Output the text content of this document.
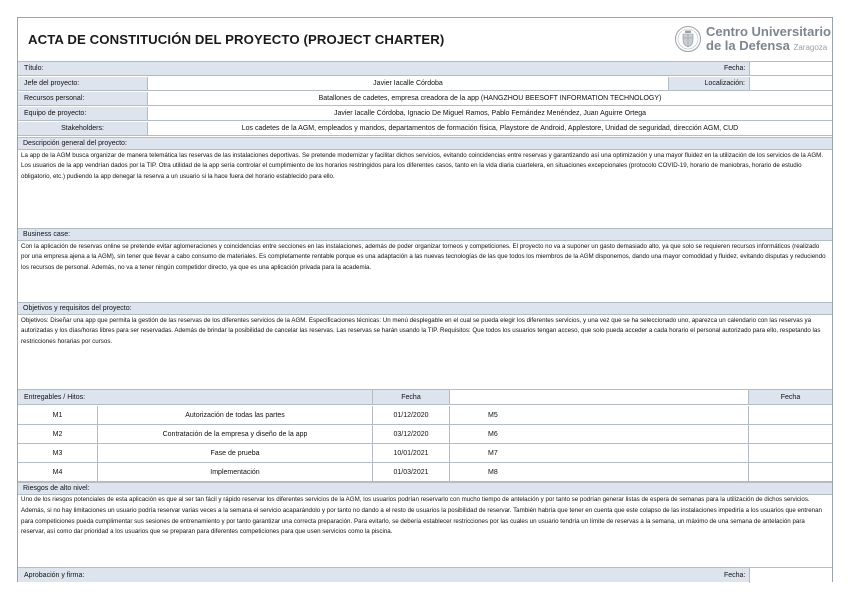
ACTA DE CONSTITUCIÓN DEL PROYECTO (PROJECT CHARTER)
Centro Universitario
de la Defensa Zaragoza
Título:	Fecha:
Jefe del proyecto:	Javier Iacalle Córdoba	Localización:
Recursos personal:	Batallones de cadetes, empresa creadora de la app (HANGZHOU BEESOFT INFORMATION TECHNOLOGY)
Equipo de proyecto:	Javier Iacalle Córdoba, Ignacio De Miguel Ramos, Pablo Fernández Menéndez, Juan Aguirre Ortega
Stakeholders:	Los cadetes de la AGM, empleados y mandos, departamentos de formación física, Playstore de Android, Applestore, Unidad de seguridad, dirección AGM, CUD
Descripción general del proyecto:
La app de la AGM busca organizar de manera telemática las reservas de las instalaciones deportivas. Se pretende modernizar y facilitar dichos servicios, evitando coincidencias entre reservas y garantizando así una optimización y una mayor fluidez en la utilización de los servicios de la AGM. Los usuarios de la app vendrían dados por la TIP. Otra utilidad de la app sería controlar el cumplimiento de los horarios restringidos para los diferentes casos, tanto en la vida diaria cuartelera, en situaciones excepcionales (protocolo COVID-19, horario de maniobras, horario de estudio obligatorio, etc.) pudiendo la app denegar la reserva a un usuario si la hace fuera del horario establecido para ello.
Business case:
Con la aplicación de reservas online se pretende evitar aglomeraciones y coincidencias entre secciones en las instalaciones, además de poder organizar torneos y competiciones. El proyecto no va a suponer un gasto demasiado alto, ya que solo se requieren recursos informáticos (realizado por una empresa ajena a la AGM), sin tener que llevar a cabo consumo de materiales. Es completamente rentable porque es una adaptación a las nuevas tecnologías de las que todos los miembros de la AGM disponemos, dando una mayor comodidad y fluidez, evitando disputas y reduciendo los recursos de personal. Además, no va a tener ningún competidor directo, ya que es una aplicación privada para la academia.
Objetivos y requisitos del proyecto:
Objetivos: Diseñar una app que permita la gestión de las reservas de los diferentes servicios de la AGM. Especificaciones técnicas: Un menú desplegable en el cual se pueda elegir los diferentes servicios, y una vez que se ha seleccionado uno, aparezca un calendario con las reservas ya autorizadas y los días/horas libres para ser reservadas. Además de brindar la posibilidad de cancelar las reservas. Las reservas se harán usando la TIP. Requisitos: Que todos los usuarios tengan acceso, que solo pueda acceder a cada horario el personal autorizado para ello, respetando las restricciones horarias por cursos.
Entregables / Hitos:	Fecha	Fecha
M1	Autorización de todas las partes	01/12/2020	M5
M2	Contratación de la empresa y diseño de la app	03/12/2020	M6
M3	Fase de prueba	10/01/2021	M7
M4	Implementación	01/03/2021	M8
Riesgos de alto nivel:
Uno de los riesgos potenciales de esta aplicación es que al ser tan fácil y rápido reservar los diferentes servicios de la AGM, los usuarios podrían reservarlo con mucho tiempo de antelación y por tanto se podrían generar listas de espera de semanas para la utilización de dichos servicios. Además, si no hay limitaciones un usuario podría reservar varias veces a la semana el servicio acaparándolo y por tanto no dando a el resto de usuarios la posibilidad de reservar. También habría que tener en cuenta que este colapso de las instalaciones impediría a los usuarios que entrenan para competiciones pueda cumplimentar sus sesiones de entrenamiento y por tanto garantizar una correcta preparación. Para evitarlo, se debería establecer restricciones por las cuales un usuario tendría un límite de reservas a la semana, un máximo de una semana de antelación para reservar, así como dar prioridad a los usuarios que se preparan para diferentes competiciones para que usen servicios como la piscina.
Aprobación y firma:	Fecha:
